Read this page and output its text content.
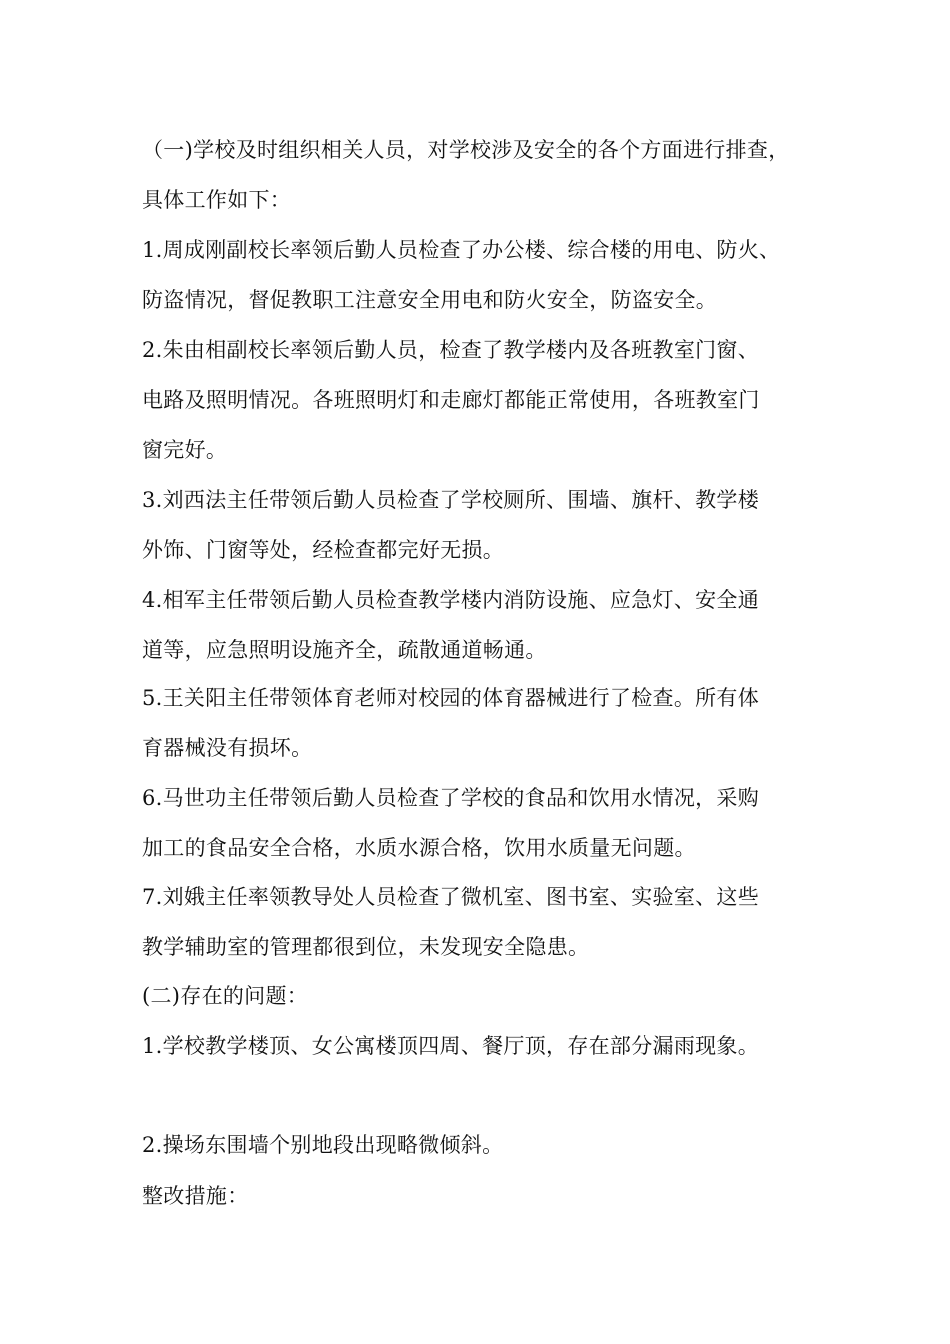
（一)学校及时组织相关人员，对学校涉及安全的各个方面进行排查，
具体工作如下：
1.周成刚副校长率领后勤人员检查了办公楼、综合楼的用电、防火、
防盗情况，督促教职工注意安全用电和防火安全，防盗安全。
2.朱由相副校长率领后勤人员，检查了教学楼内及各班教室门窗、
电路及照明情况。各班照明灯和走廊灯都能正常使用，各班教室门
窗完好。
3.刘西法主任带领后勤人员检查了学校厕所、围墙、旗杆、教学楼
外饰、门窗等处，经检查都完好无损。
4.相军主任带领后勤人员检查教学楼内消防设施、应急灯、安全通
道等，应急照明设施齐全，疏散通道畅通。
5.王关阳主任带领体育老师对校园的体育器械进行了检查。所有体
育器械没有损坏。
6.马世功主任带领后勤人员检查了学校的食品和饮用水情况，采购
加工的食品安全合格，水质水源合格，饮用水质量无问题。
7.刘娥主任率领教导处人员检查了微机室、图书室、实验室、这些
教学辅助室的管理都很到位，未发现安全隐患。
(二)存在的问题：
1.学校教学楼顶、女公寓楼顶四周、餐厅顶，存在部分漏雨现象。
2.操场东围墙个别地段出现略微倾斜。
整改措施：
